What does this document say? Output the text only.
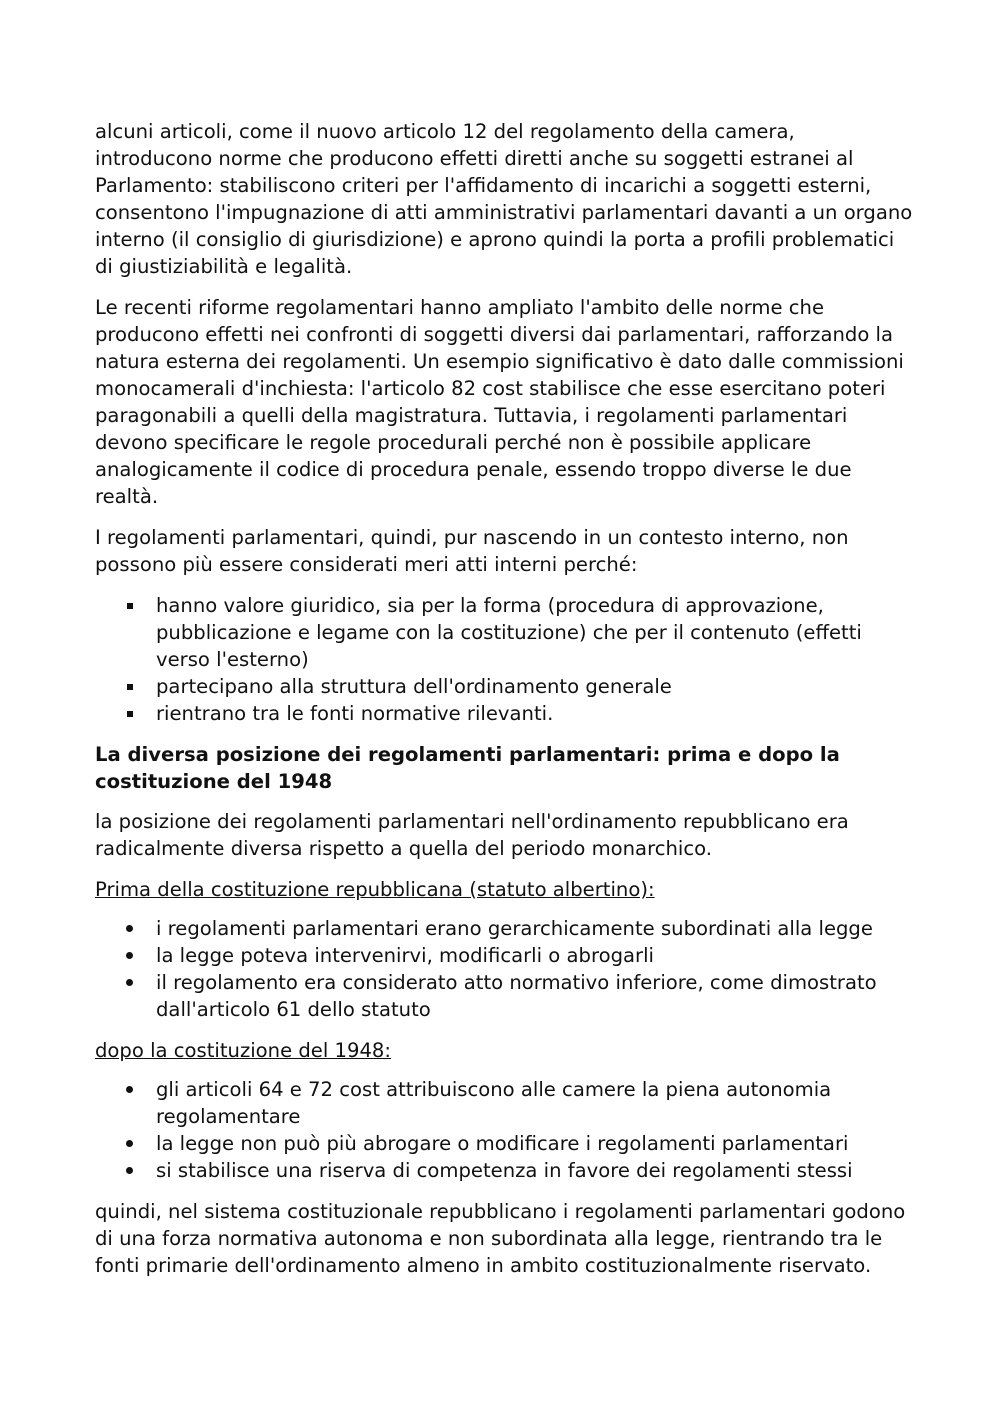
alcuni articoli, come il nuovo articolo 12 del regolamento della camera, introducono norme che producono effetti diretti anche su soggetti estranei al Parlamento: stabiliscono criteri per l'affidamento di incarichi a soggetti esterni, consentono l'impugnazione di atti amministrativi parlamentari davanti a un organo interno (il consiglio di giurisdizione) e aprono quindi la porta a profili problematici di giustiziabilità e legalità.

Le recenti riforme regolamentari hanno ampliato l'ambito delle norme che producono effetti nei confronti di soggetti diversi dai parlamentari, rafforzando la natura esterna dei regolamenti. Un esempio significativo è dato dalle commissioni monocamerali d'inchiesta: l'articolo 82 cost stabilisce che esse esercitano poteri paragonabili a quelli della magistratura. Tuttavia, i regolamenti parlamentari devono specificare le regole procedurali perché non è possibile applicare analogicamente il codice di procedura penale, essendo troppo diverse le due realtà.

I regolamenti parlamentari, quindi, pur nascendo in un contesto interno, non possono più essere considerati meri atti interni perché:

hanno valore giuridico, sia per la forma (procedura di approvazione, pubblicazione e legame con la costituzione) che per il contenuto (effetti verso l'esterno)
partecipano alla struttura dell'ordinamento generale
rientrano tra le fonti normative rilevanti.
La diversa posizione dei regolamenti parlamentari: prima e dopo la costituzione del 1948

la posizione dei regolamenti parlamentari nell'ordinamento repubblicano era radicalmente diversa rispetto a quella del periodo monarchico.

Prima della costituzione repubblicana (statuto albertino):

i regolamenti parlamentari erano gerarchicamente subordinati alla legge
la legge poteva intervenirvi, modificarli o abrogarli
il regolamento era considerato atto normativo inferiore, come dimostrato dall'articolo 61 dello statuto

dopo la costituzione del 1948:

gli articoli 64 e 72 cost attribuiscono alle camere la piena autonomia regolamentare
la legge non può più abrogare o modificare i regolamenti parlamentari
si stabilisce una riserva di competenza in favore dei regolamenti stessi

quindi, nel sistema costituzionale repubblicano i regolamenti parlamentari godono di una forza normativa autonoma e non subordinata alla legge, rientrando tra le fonti primarie dell'ordinamento almeno in ambito costituzionalmente riservato.
